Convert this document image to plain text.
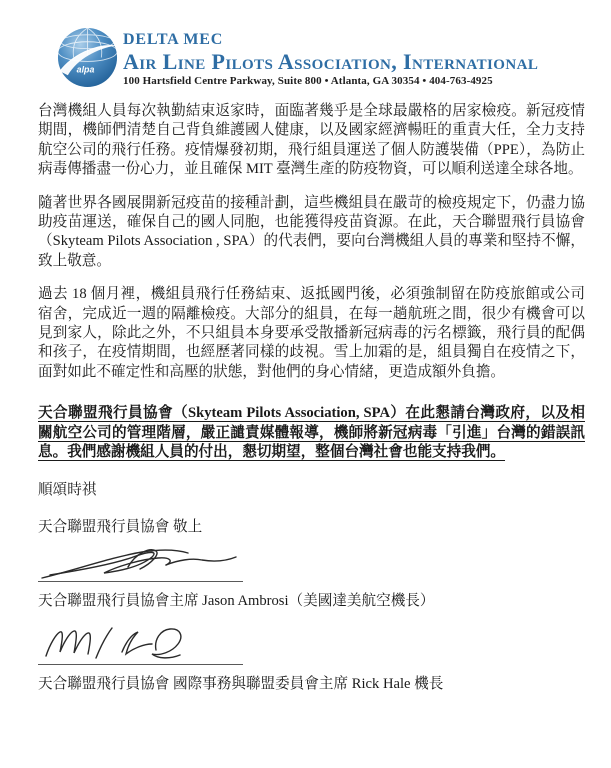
alpa
DELTA MEC
Air Line Pilots Association, International
100 Hartsfield Centre Parkway, Suite 800 • Atlanta, GA 30354 • 404-763-4925

台灣機組人員每次執勤結束返家時，面臨著幾乎是全球最嚴格的居家檢疫。新冠疫情期間，機師們清楚自己背負維護國人健康，以及國家經濟暢旺的重責大任，全力支持航空公司的飛行任務。疫情爆發初期，飛行組員運送了個人防護裝備（PPE），為防止病毒傳播盡一份心力，並且確保 MIT 臺灣生產的防疫物資，可以順利送達全球各地。

隨著世界各國展開新冠疫苗的接種計劃，這些機組員在嚴苛的檢疫規定下，仍盡力協助疫苗運送，確保自己的國人同胞，也能獲得疫苗資源。在此，天合聯盟飛行員協會（Skyteam Pilots Association , SPA）的代表們，要向台灣機組人員的專業和堅持不懈，致上敬意。

過去 18 個月裡，機組員飛行任務結束、返抵國門後，必須強制留在防疫旅館或公司宿舍，完成近一週的隔離檢疫。大部分的組員，在每一趟航班之間，很少有機會可以見到家人，除此之外，不只組員本身要承受散播新冠病毒的污名標籤，飛行員的配偶和孩子，在疫情期間，也經歷著同樣的歧視。雪上加霜的是，組員獨自在疫情之下，面對如此不確定性和高壓的狀態，對他們的身心情緒，更造成額外負擔。

天合聯盟飛行員協會（Skyteam Pilots Association, SPA）在此懇請台灣政府，以及相關航空公司的管理階層，嚴正譴責媒體報導，機師將新冠病毒「引進」台灣的錯誤訊息。我們感謝機組人員的付出，懇切期望，整個台灣社會也能支持我們。

順頌時祺

天合聯盟飛行員協會 敬上

天合聯盟飛行員協會主席 Jason Ambrosi（美國達美航空機長）

天合聯盟飛行員協會 國際事務與聯盟委員會主席 Rick Hale 機長
